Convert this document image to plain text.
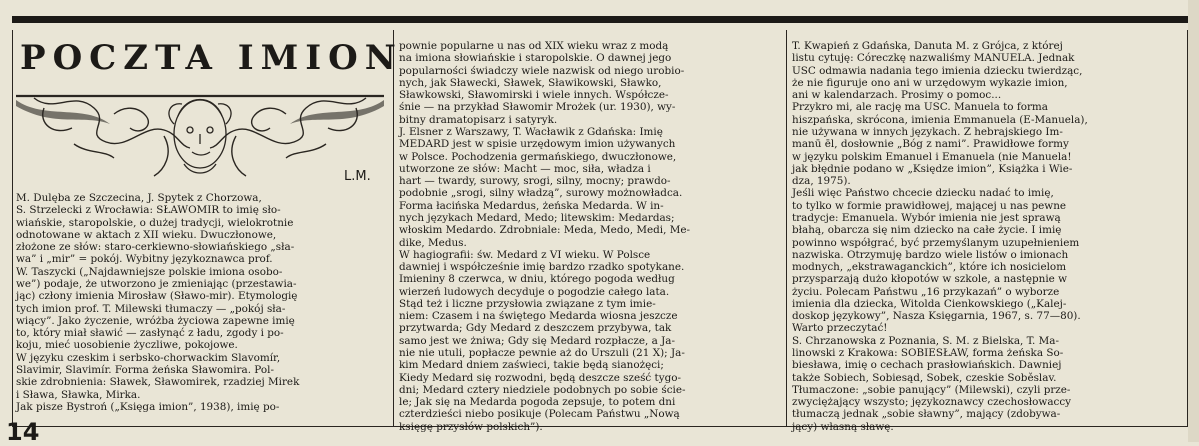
POCZTA IMION
L.M.

M. Dulęba ze Szczecina, J. Spytek z Chorzowa,

S. Strzelecki z Wrocławia: SŁAWOMIR to imię sło-

wiańskie, staropolskie, o dużej tradycji, wielokrotnie

odnotowane w aktach z XII wieku. Dwuczłonowe,

złożone ze słów: staro-cerkiewno-słowiańskiego „sła-

wa” i „mir” = pokój. Wybitny językoznawca prof.

W. Taszycki („Najdawniejsze polskie imiona osobo-

we”) podaje, że utworzono je zmieniając (przestawia-

jąc) człony imienia Mirosław (Sławo-mir). Etymologię

tych imion prof. T. Milewski tłumaczy — „pokój sła-

wiący”. Jako życzenie, wróżba życiowa zapewne imię

to, który miał sławić — zasłynąć z ładu, zgody i po-

koju, mieć uosobienie życzliwe, pokojowe.

W języku czeskim i serbsko-chorwackim Slavomír,

Slavimir, Slavimír. Forma żeńska Sławomira. Pol-

skie zdrobnienia: Sławek, Sławomirek, rzadziej Mirek

i Sława, Sławka, Mirka.

Jak pisze Bystroń („Księga imion”, 1938), imię po-

pownie popularne u nas od XIX wieku wraz z modą

na imiona słowiańskie i staropolskie. O dawnej jego

popularności świadczy wiele nazwisk od niego urobio-

nych, jak Sławecki, Sławek, Sławikowski, Sławko,

Sławkowski, Sławomirski i wiele innych. Współcze-

śnie — na przykład Sławomir Mrożek (ur. 1930), wy-

bitny dramatopisarz i satyryk.

J. Elsner z Warszawy, T. Wacławik z Gdańska: Imię

MEDARD jest w spisie urzędowym imion używanych

w Polsce. Pochodzenia germańskiego, dwuczłonowe,

utworzone ze słów: Macht — moc, siła, władza i

hart — twardy, surowy, srogi, silny, mocny; prawdo-

podobnie „srogi, silny władzą”, surowy możnowładca.

Forma łacińska Medardus, żeńska Medarda. W in-

nych językach Medard, Medo; litewskim: Medardas;

włoskim Medardo. Zdrobniale: Meda, Medo, Medi, Me-

dike, Medus.

W hagiografii: św. Medard z VI wieku. W Polsce

dawniej i współcześnie imię bardzo rzadko spotykane.

Imieniny 8 czerwca, w dniu, którego pogoda według

wierzeń ludowych decyduje o pogodzie całego lata.

Stąd też i liczne przysłowia związane z tym imie-

niem: Czasem i na świętego Medarda wiosna jeszcze

przytwarda; Gdy Medard z deszczem przybywa, tak

samo jest we żniwa; Gdy się Medard rozpłacze, a Ja-

nie nie utuli, popłacze pewnie aż do Urszuli (21 X); Ja-

kim Medard dniem zaświeci, takie będą sianożęci;

Kiedy Medard się rozwodni, będą deszcze sześć tygo-

dni; Medard cztery niedziele podobnych po sobie ście-

le; Jak się na Medarda pogoda zepsuje, to potem dni

czterdzieści niebo posikuje (Polecam Państwu „Nową

księgę przysłów polskich”).

T. Kwapień z Gdańska, Danuta M. z Grójca, z której

listu cytuję: Córeczkę nazwaliśmy MANUELA. Jednak

USC odmawia nadania tego imienia dziecku twierdząc,

że nie figuruje ono ani w urzędowym wykazie imion,

ani w kalendarzach. Prosimy o pomoc...

Przykro mi, ale rację ma USC. Manuela to forma

hiszpańska, skrócona, imienia Emmanuela (E-Manuela),

nie używana w innych językach. Z hebrajskiego Im-

manū ēl, dosłownie „Bóg z nami”. Prawidłowe formy

w języku polskim Emanuel i Emanuela (nie Manuela!

jak błędnie podano w „Księdze imion”, Książka i Wie-

dza, 1975).

Jeśli więc Państwo chcecie dziecku nadać to imię,

to tylko w formie prawidłowej, mającej u nas pewne

tradycje: Emanuela. Wybór imienia nie jest sprawą

błahą, obarcza się nim dziecko na całe życie. I imię

powinno współgrać, być przemyślanym uzupełnieniem

nazwiska. Otrzymuję bardzo wiele listów o imionach

modnych, „ekstrawaganckich”, które ich nosicielom

przysparzają dużo kłopotów w szkole, a następnie w

życiu. Polecam Państwu „16 przykazań” o wyborze

imienia dla dziecka, Witolda Cienkowskiego („Kalej-

doskop językowy”, Nasza Księgarnia, 1967, s. 77—80).

Warto przeczytać!

S. Chrzanowska z Poznania, S. M. z Bielska, T. Ma-

linowski z Krakowa: SOBIESŁAW, forma żeńska So-

biesława, imię o cechach prasłowiańskich. Dawniej

także Sobiech, Sobiesąd, Sobek, czeskie Soběslav.

Tłumaczone: „sobie panujący” (Milewski), czyli prze-

zwyciężający wszysto; językoznawcy czechosłowaccy

tłumaczą jednak „sobie sławny”, mający (zdobywa-

jący) własną sławę.

14
